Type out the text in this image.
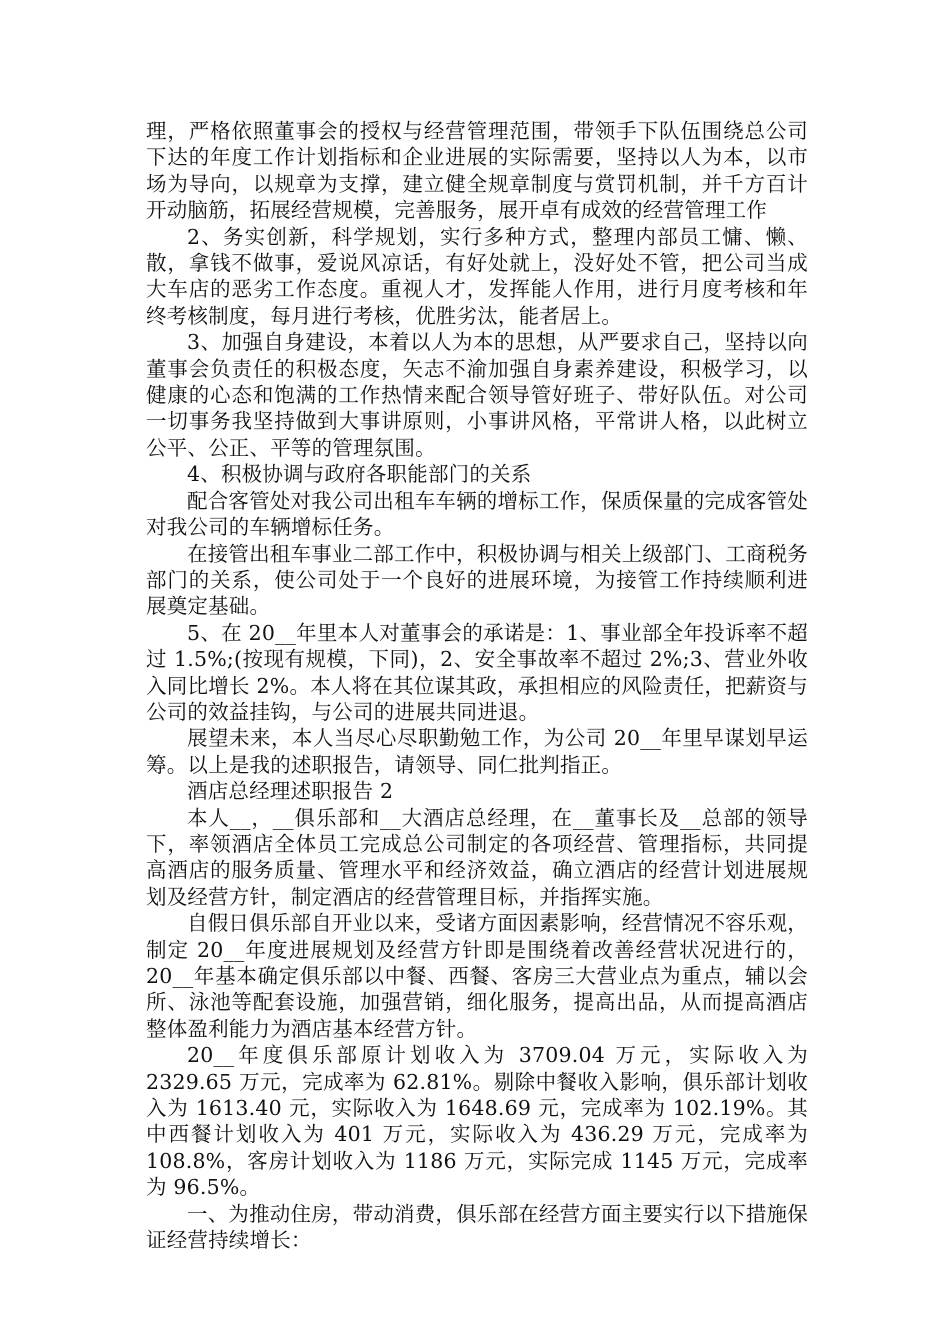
理，严格依照董事会的授权与经营管理范围，带领手下队伍围绕总公司下达的年度工作计划指标和企业进展的实际需要，坚持以人为本，以市场为导向，以规章为支撑，建立健全规章制度与赏罚机制，并千方百计开动脑筋，拓展经营规模，完善服务，展开卓有成效的经营管理工作

2、务实创新，科学规划，实行多种方式，整理内部员工慵、懒、散，拿钱不做事，爱说风凉话，有好处就上，没好处不管，把公司当成大车店的恶劣工作态度。重视人才，发挥能人作用，进行月度考核和年终考核制度，每月进行考核，优胜劣汰，能者居上。

3、加强自身建设，本着以人为本的思想，从严要求自己，坚持以向董事会负责任的积极态度，矢志不渝加强自身素养建设，积极学习，以健康的心态和饱满的工作热情来配合领导管好班子、带好队伍。对公司一切事务我坚持做到大事讲原则，小事讲风格，平常讲人格，以此树立公平、公正、平等的管理氛围。

4、积极协调与政府各职能部门的关系

配合客管处对我公司出租车车辆的增标工作，保质保量的完成客管处对我公司的车辆增标任务。

在接管出租车事业二部工作中，积极协调与相关上级部门、工商税务部门的关系，使公司处于一个良好的进展环境，为接管工作持续顺利进展奠定基础。

5、在 20__年里本人对董事会的承诺是：1、事业部全年投诉率不超过 1.5%;(按现有规模，下同)，2、安全事故率不超过 2%;3、营业外收入同比增长 2%。本人将在其位谋其政，承担相应的风险责任，把薪资与公司的效益挂钩，与公司的进展共同进退。

展望未来，本人当尽心尽职勤勉工作，为公司 20__年里早谋划早运筹。以上是我的述职报告，请领导、同仁批判指正。

酒店总经理述职报告 2

本人__，__俱乐部和__大酒店总经理，在__董事长及__总部的领导下，率领酒店全体员工完成总公司制定的各项经营、管理指标，共同提高酒店的服务质量、管理水平和经济效益，确立酒店的经营计划进展规划及经营方针，制定酒店的经营管理目标，并指挥实施。

自假日俱乐部自开业以来，受诸方面因素影响，经营情况不容乐观，制定 20__年度进展规划及经营方针即是围绕着改善经营状况进行的，20__年基本确定俱乐部以中餐、西餐、客房三大营业点为重点，辅以会所、泳池等配套设施，加强营销，细化服务，提高出品，从而提高酒店整体盈利能力为酒店基本经营方针。

20__年度俱乐部原计划收入为 3709.04 万元，实际收入为2329.65 万元，完成率为 62.81%。剔除中餐收入影响，俱乐部计划收入为 1613.40 元，实际收入为 1648.69 元，完成率为 102.19%。其中西餐计划收入为 401 万元，实际收入为 436.29 万元，完成率为108.8%，客房计划收入为 1186 万元，实际完成 1145 万元，完成率为 96.5%。

一、为推动住房，带动消费，俱乐部在经营方面主要实行以下措施保证经营持续增长：
